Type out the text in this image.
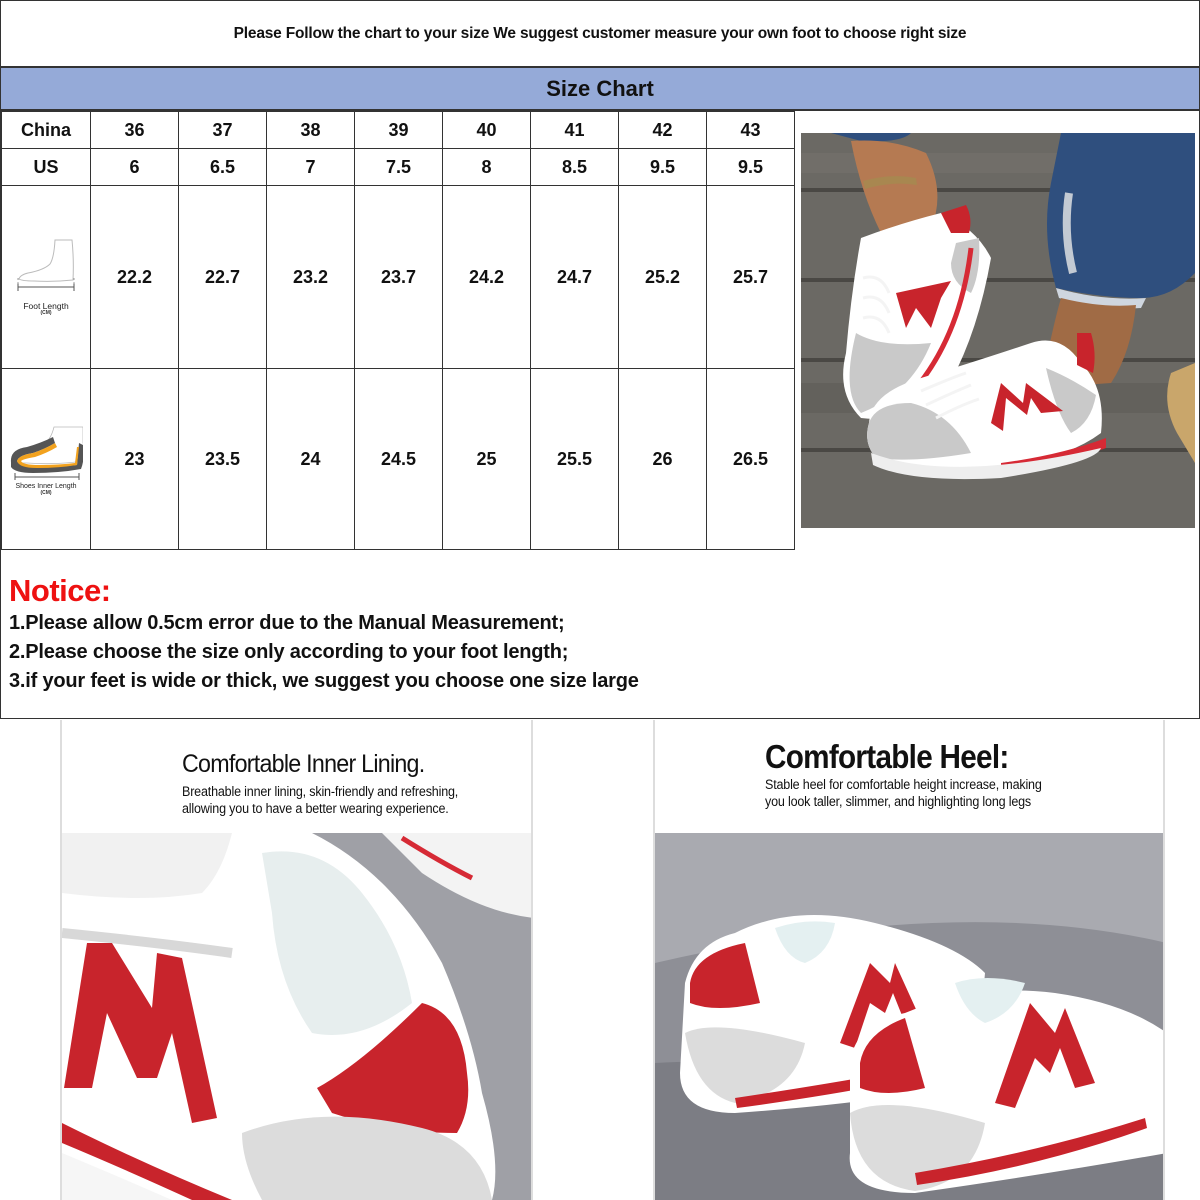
Please Follow the chart to your size We suggest customer measure your own foot to choose right size
Size Chart
China	36	37	38	39	40	41	42	43
US	6	6.5	7	7.5	8	8.5	9.5	9.5

Foot Length
(CM)	22.2	22.7	23.2	23.7	24.2	24.7	25.2	25.7

Shoes Inner Length
(CM)	23	23.5	24	24.5	25	25.5	26	26.5
Notice:
1.Please allow 0.5cm error due to the Manual Measurement;
2.Please choose the size only according to your foot length;
3.if your feet is wide or thick, we suggest you choose one size large
Comfortable Inner Lining.

Breathable inner lining, skin-friendly and refreshing,
allowing you to have a better wearing experience.

Comfortable Heel:

Stable heel for comfortable height increase, making
you look taller, slimmer, and highlighting long legs
